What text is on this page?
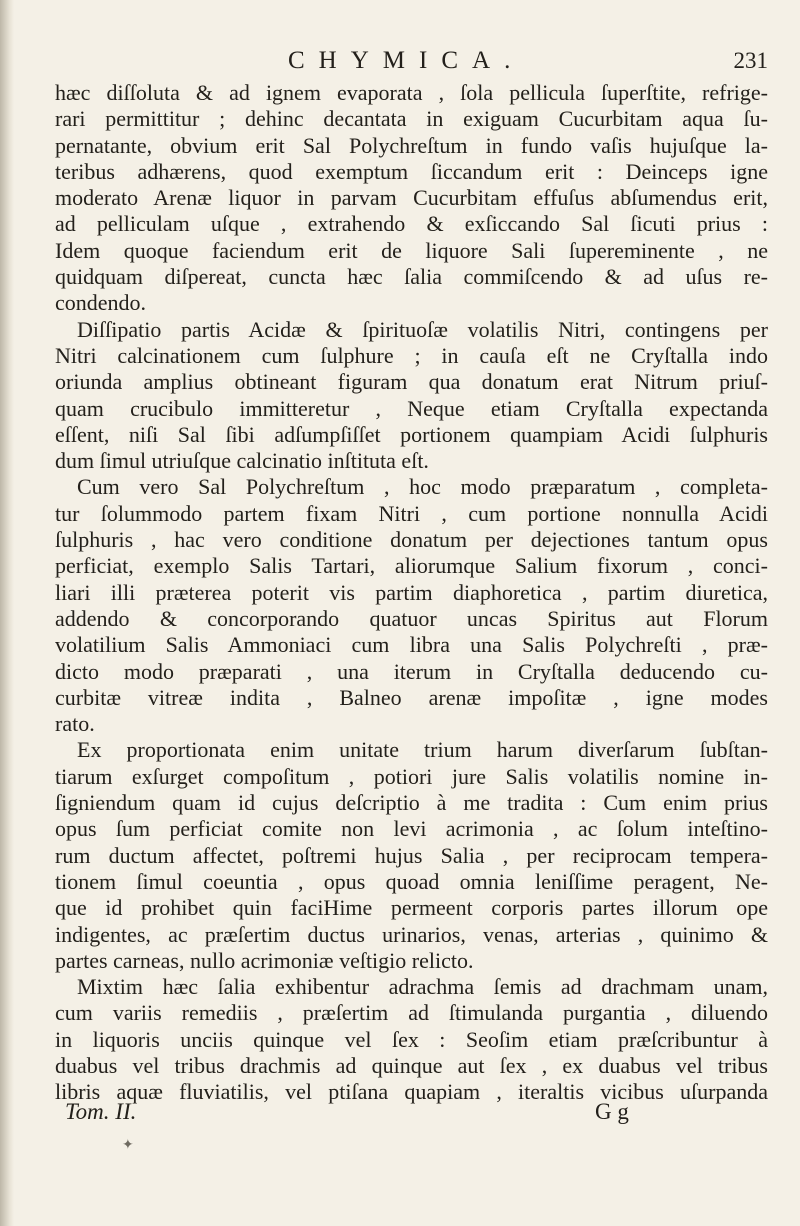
CHYMICA.	231
hæc diſſoluta & ad ignem evaporata , ſola pellicula ſuperſtite, refrige-
rari permittitur ; dehinc decantata in exiguam Cucurbitam aqua ſu-
pernatante, obvium erit Sal Polychreſtum in fundo vaſis hujuſque la-
teribus adhærens, quod exemptum ſiccandum erit : Deinceps igne
moderato Arenæ liquor in parvam Cucurbitam effuſus abſumendus erit,
ad pelliculam uſque , extrahendo & exſiccando Sal ſicuti prius :
Idem quoque faciendum erit de liquore Sali ſupereminente , ne
quidquam diſpereat, cuncta hæc ſalia commiſcendo & ad uſus re-
condendo.
Diſſipatio partis Acidæ & ſpirituoſæ volatilis Nitri, contingens per
Nitri calcinationem cum ſulphure ; in cauſa eſt ne Cryſtalla indo
oriunda amplius obtineant figuram qua donatum erat Nitrum priuſ-
quam crucibulo immitteretur , Neque etiam Cryſtalla expectanda
eſſent, niſi Sal ſibi adſumpſiſſet portionem quampiam Acidi ſulphuris
dum ſimul utriuſque calcinatio inſtituta eſt.
Cum vero Sal Polychreſtum , hoc modo præparatum , completa-
tur ſolummodo partem fixam Nitri , cum portione nonnulla Acidi
ſulphuris , hac vero conditione donatum per dejectiones tantum opus
perficiat, exemplo Salis Tartari, aliorumque Salium fixorum , conci-
liari illi præterea poterit vis partim diaphoretica , partim diuretica,
addendo & concorporando quatuor uncas Spiritus aut Florum
volatilium Salis Ammoniaci cum libra una Salis Polychreſti , præ-
dicto modo præparati , una iterum in Cryſtalla deducendo cu-
curbitæ vitreæ indita , Balneo arenæ impoſitæ , igne modes
rato.
Ex proportionata enim unitate trium harum diverſarum ſubſtan-
tiarum exſurget compoſitum , potiori jure Salis volatilis nomine in-
ſigniendum quam id cujus deſcriptio à me tradita : Cum enim prius
opus ſum perficiat comite non levi acrimonia , ac ſolum inteſtino-
rum ductum affectet, poſtremi hujus Salia , per reciprocam tempera-
tionem ſimul coeuntia , opus quoad omnia leniſſime peragent, Ne-
que id prohibet quin faciHime permeent corporis partes illorum ope
indigentes, ac præſertim ductus urinarios, venas, arterias , quinimo &
partes carneas, nullo acrimoniæ veſtigio relicto.
Mixtim hæc ſalia exhibentur adrachma ſemis ad drachmam unam,
cum variis remediis , præſertim ad ſtimulanda purgantia , diluendo
in liquoris unciis quinque vel ſex : Seoſim etiam præſcribuntur à
duabus vel tribus drachmis ad quinque aut ſex , ex duabus vel tribus
libris aquæ fluviatilis, vel ptiſana quapiam , iteraltis vicibus uſurpanda
Tom. II.	G g
✦
